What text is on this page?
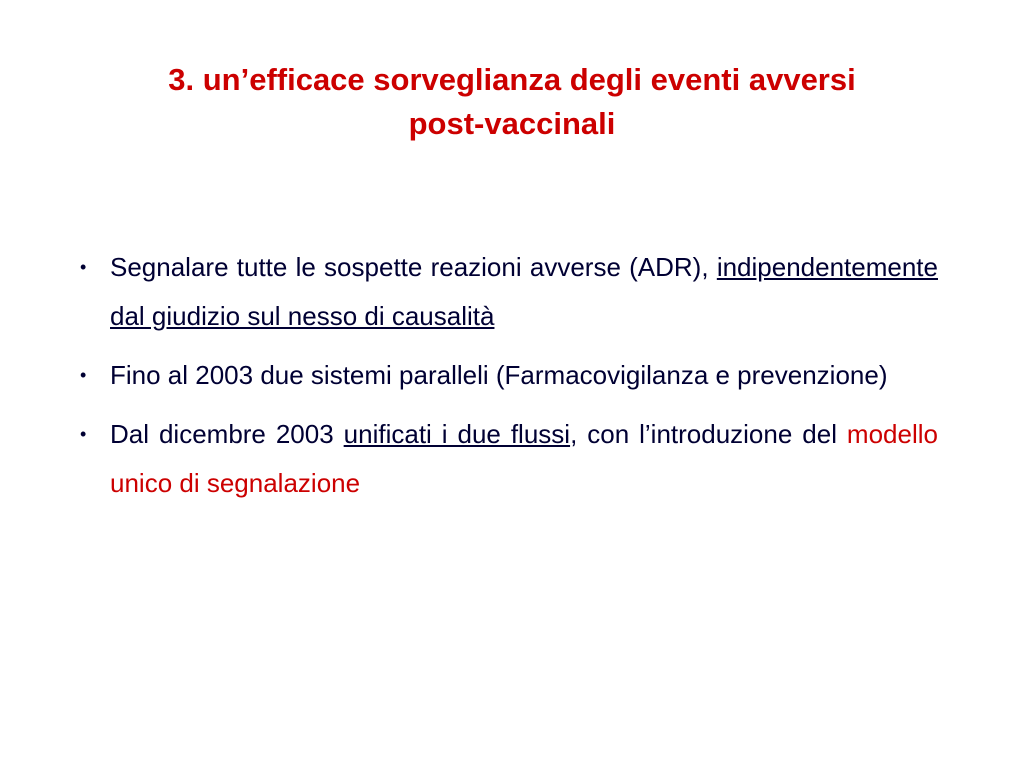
3. un’efficace sorveglianza degli eventi avversi
post-vaccinali
• Segnalare tutte le sospette reazioni avverse (ADR), indipendentemente dal giudizio sul nesso di causalità
• Fino al 2003 due sistemi paralleli (Farmacovigilanza e prevenzione)
• Dal dicembre 2003 unificati i due flussi, con l’introduzione del modello unico di segnalazione
